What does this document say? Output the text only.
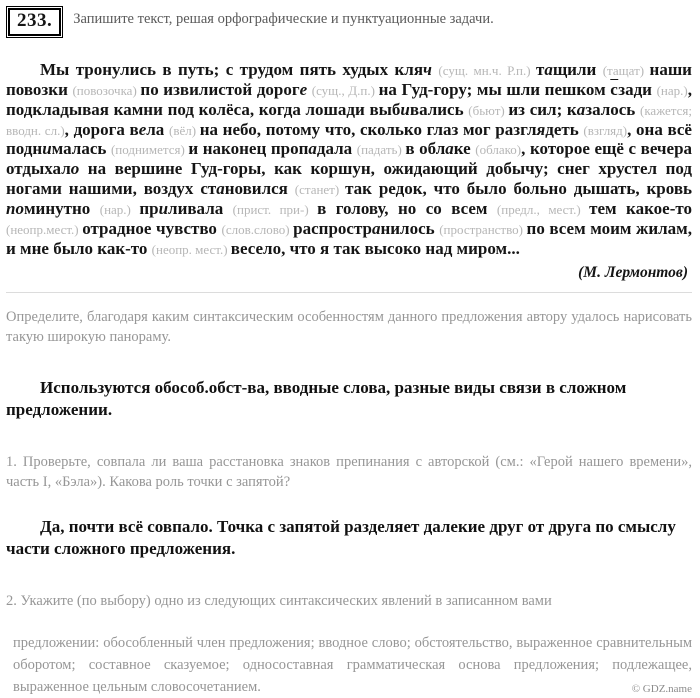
233.	Запишите текст, решая орфографические и пунктуационные задачи.

Мы тронулись в путь; с трудом пять худых кляч (сущ. мн.ч. Р.п.) тащили (тащат) наши повозки (повозочка) по извилистой дороге (сущ., Д.п.) на Гуд-гору; мы шли пешком сзади (нар.), подкладывая камни под колёса, когда лошади выбивались (бьют) из сил; казалось (кажется; вводн. сл.), дорога вела (вёл) на небо, потому что, сколько глаз мог разглядеть (взгляд), она всё поднималась (поднимется) и наконец пропадала (падать) в облаке (облако), которое ещё с вечера отдыхало на вершине Гуд-горы, как коршун, ожидающий добычу; снег хрустел под ногами нашими, воздух становился (станет) так редок, что было больно дышать, кровь поминутно (нар.) приливала (прист. при-) в голову, но со всем (предл., мест.) тем какое-то (неопр.мест.) отрадное чувство (слов.слово) распространилось (пространство) по всем моим жилам, и мне было как-то (неопр. мест.) весело, что я так высоко над миром...

(М. Лермонтов)

Определите, благодаря каким синтаксическим особенностям данного предложения автору удалось нарисовать такую широкую панораму.

Используются обособ.обст-ва, вводные слова, разные виды связи в сложном предложении.

1. Проверьте, совпала ли ваша расстановка знаков препинания с авторской (см.: «Герой нашего времени», часть I, «Бэла»). Какова роль точки с запятой?

Да, почти всё совпало. Точка с запятой разделяет далекие друг от друга по смыслу части сложного предложения.

2. Укажите (по выбору) одно из следующих синтаксических явлений в записанном вами

предложении: обособленный член предложения; вводное слово; обстоятельство, выраженное сравнительным оборотом; составное сказуемое; односоставная грамматическая основа предложения; подлежащее, выраженное цельным словосочетанием.	© GDZ.name
